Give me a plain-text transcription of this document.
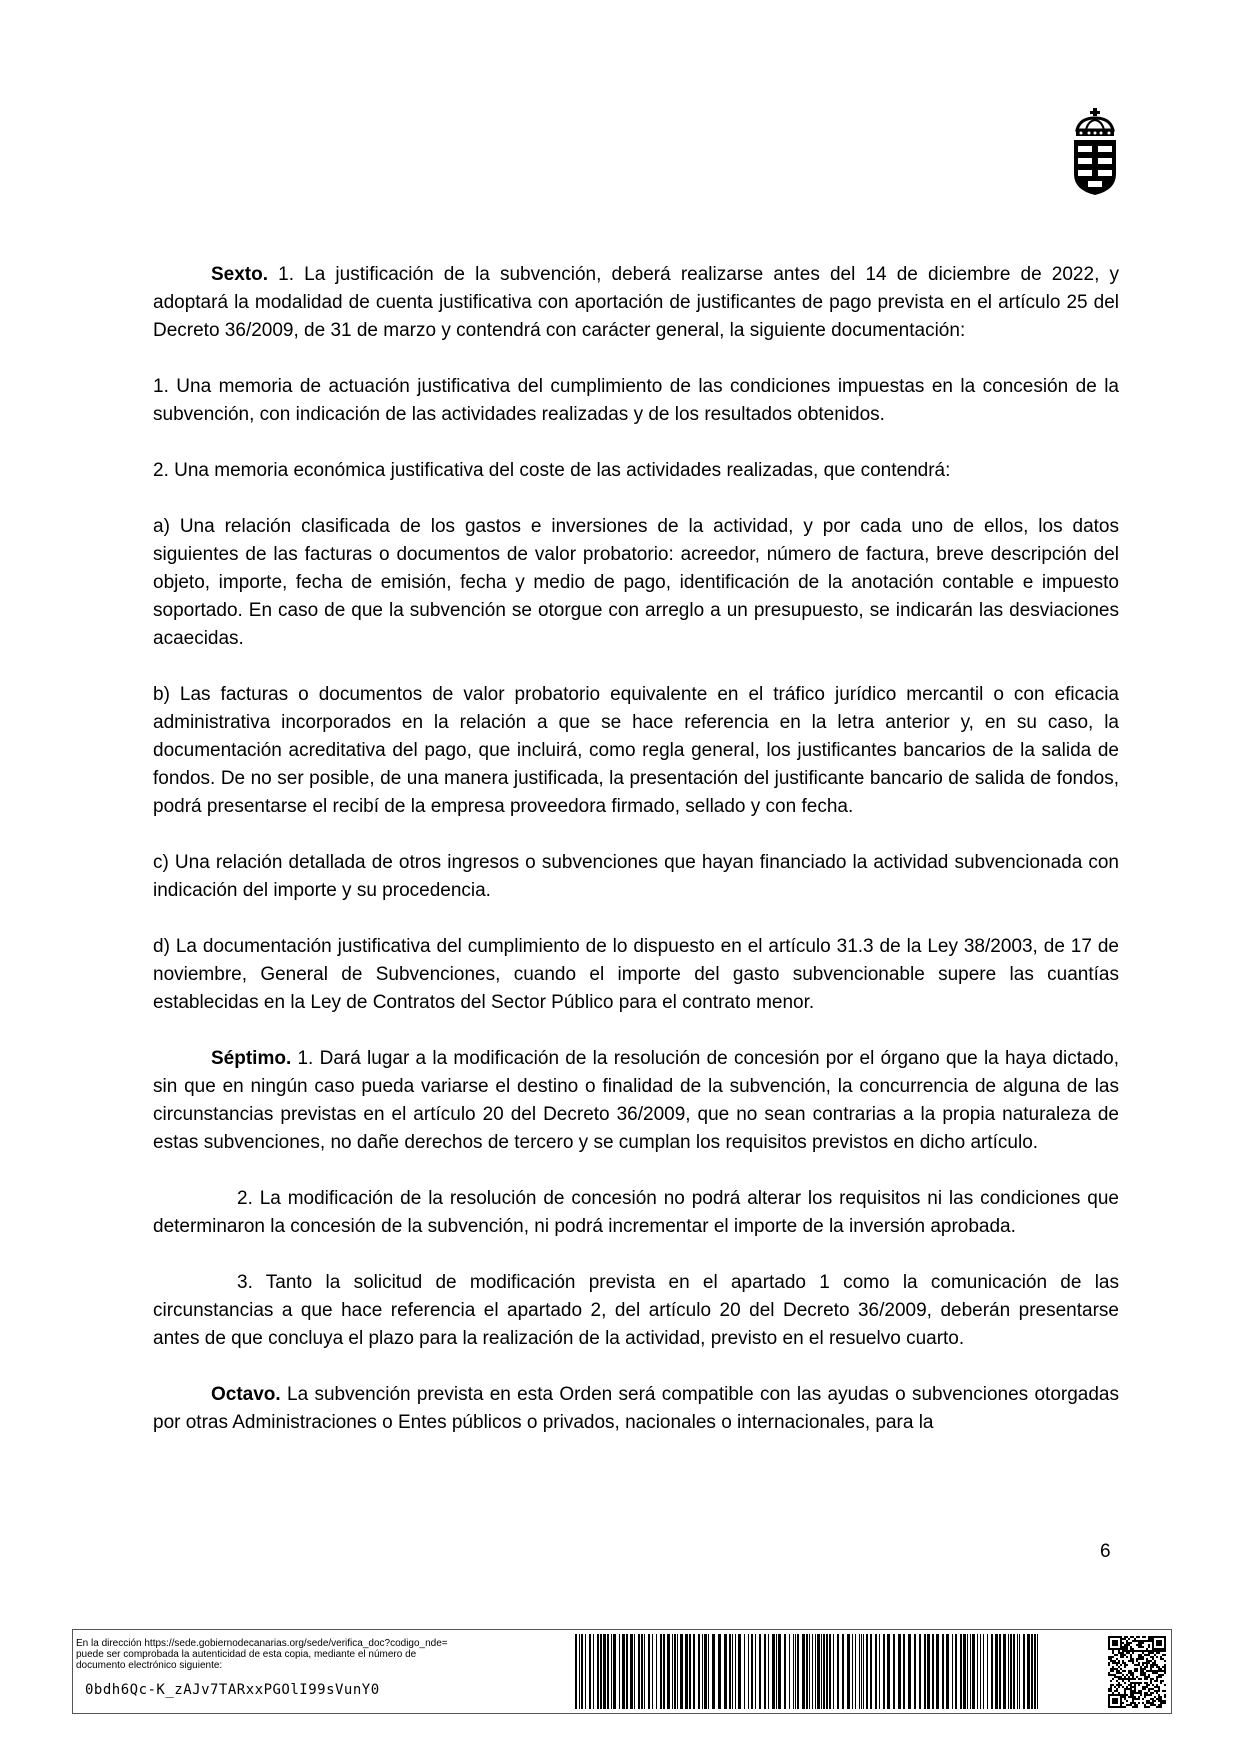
Sexto. 1. La justificación de la subvención, deberá realizarse antes del 14 de diciembre de 2022, y adoptará la modalidad de cuenta justificativa con aportación de justificantes de pago prevista en el artículo 25 del Decreto 36/2009, de 31 de marzo y contendrá con carácter general, la siguiente documentación:

1. Una memoria de actuación justificativa del cumplimiento de las condiciones impuestas en la concesión de la subvención, con indicación de las actividades realizadas y de los resultados obtenidos.

2. Una memoria económica justificativa del coste de las actividades realizadas, que contendrá:

a) Una relación clasificada de los gastos e inversiones de la actividad, y por cada uno de ellos, los datos siguientes de las facturas o documentos de valor probatorio: acreedor, número de factura, breve descripción del objeto, importe, fecha de emisión, fecha y medio de pago, identificación de la anotación contable e impuesto soportado. En caso de que la subvención se otorgue con arreglo a un presupuesto, se indicarán las desviaciones acaecidas.

b) Las facturas o documentos de valor probatorio equivalente en el tráfico jurídico mercantil o con eficacia administrativa incorporados en la relación a que se hace referencia en la letra anterior y, en su caso, la documentación acreditativa del pago, que incluirá, como regla general, los justificantes bancarios de la salida de fondos. De no ser posible, de una manera justificada, la presentación del justificante bancario de salida de fondos, podrá presentarse el recibí de la empresa proveedora firmado, sellado y con fecha.

c) Una relación detallada de otros ingresos o subvenciones que hayan financiado la actividad subvencionada con indicación del importe y su procedencia.

d) La documentación justificativa del cumplimiento de lo dispuesto en el artículo 31.3 de la Ley 38/2003, de 17 de noviembre, General de Subvenciones, cuando el importe del gasto subvencionable supere las cuantías establecidas en la Ley de Contratos del Sector Público para el contrato menor.

Séptimo. 1. Dará lugar a la modificación de la resolución de concesión por el órgano que la haya dictado, sin que en ningún caso pueda variarse el destino o finalidad de la subvención, la concurrencia de alguna de las circunstancias previstas en el artículo 20 del Decreto 36/2009, que no sean contrarias a la propia naturaleza de estas subvenciones, no dañe derechos de tercero y se cumplan los requisitos previstos en dicho artículo.

2. La modificación de la resolución de concesión no podrá alterar los requisitos ni las condiciones que determinaron la concesión de la subvención, ni podrá incrementar el importe de la inversión aprobada.

3. Tanto la solicitud de modificación prevista en el apartado 1 como la comunicación de las circunstancias a que hace referencia el apartado 2, del artículo 20 del Decreto 36/2009, deberán presentarse antes de que concluya el plazo para la realización de la actividad, previsto en el resuelvo cuarto.

Octavo. La subvención prevista en esta Orden será compatible con las ayudas o subvenciones otorgadas por otras Administraciones o Entes públicos o privados, nacionales o internacionales, para la

6
En la dirección https://sede.gobiernodecanarias.org/sede/verifica_doc?codigo_nde=
puede ser comprobada la autenticidad de esta copia, mediante el número de
documento electrónico siguiente:
0bdh6Qc-K_zAJv7TARxxPGOlI99sVunY0
